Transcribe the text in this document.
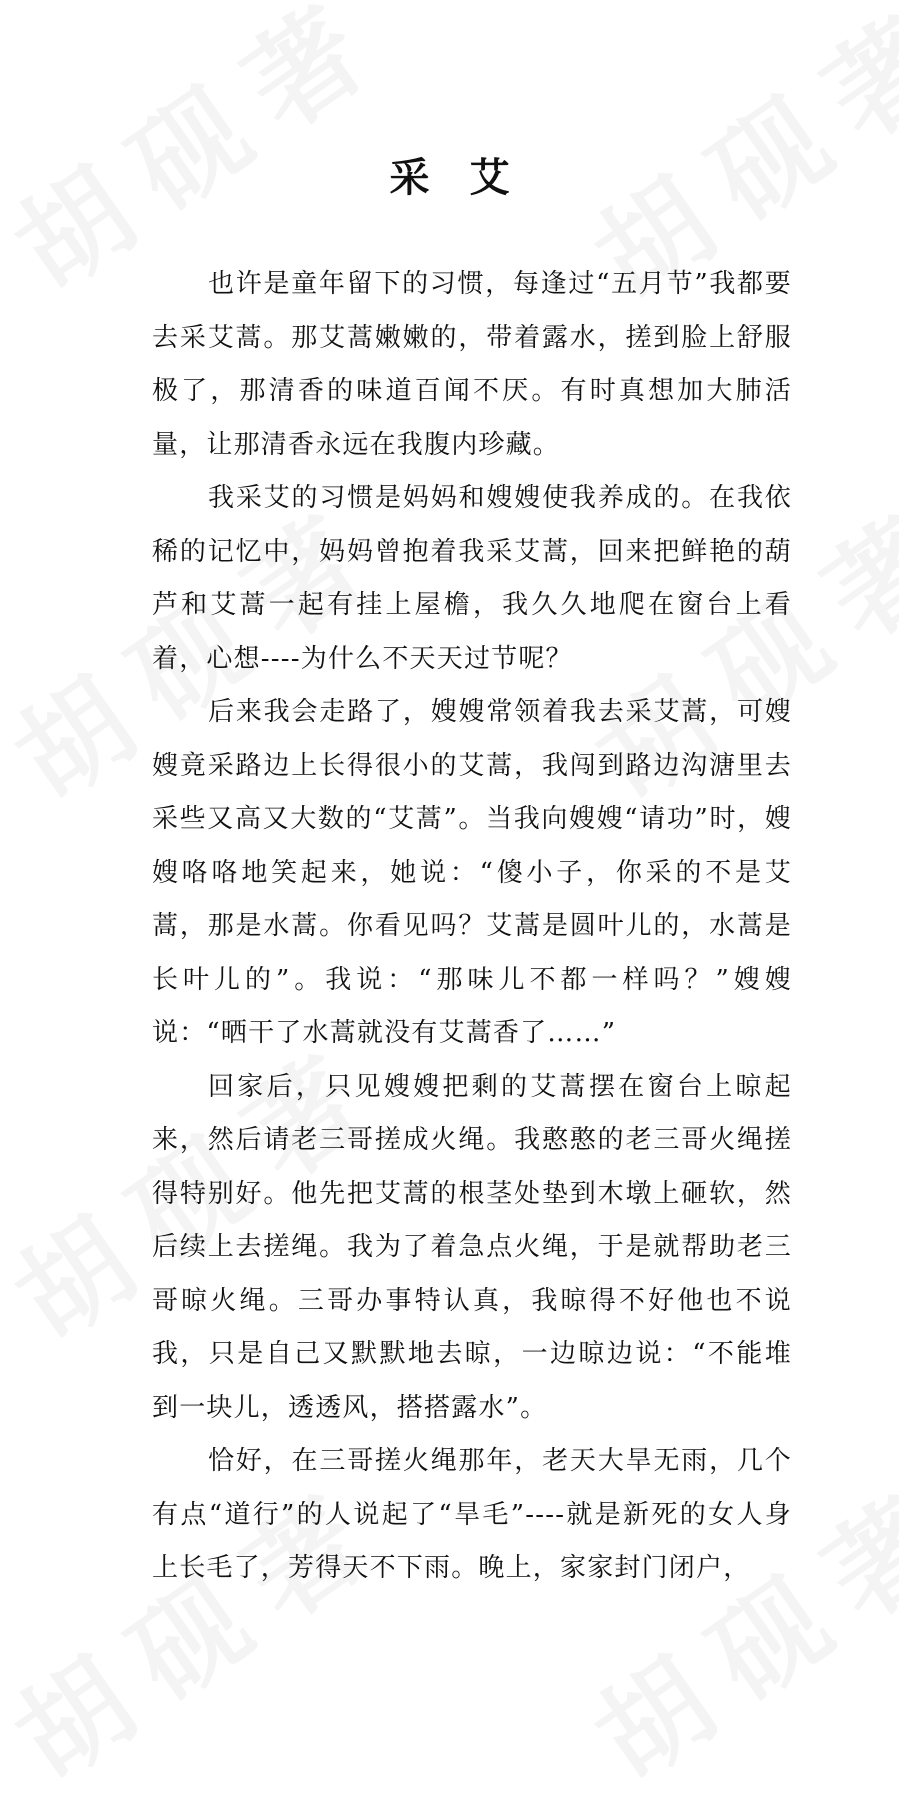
采艾

也许是童年留下的习惯，每逢过“五月节”我都要去采艾蒿。那艾蒿嫩嫩的，带着露水，搓到脸上舒服极了，那清香的味道百闻不厌。有时真想加大肺活量，让那清香永远在我腹内珍藏。

我采艾的习惯是妈妈和嫂嫂使我养成的。在我依稀的记忆中，妈妈曾抱着我采艾蒿，回来把鲜艳的葫芦和艾蒿一起有挂上屋檐，我久久地爬在窗台上看着，心想----为什么不天天过节呢？

后来我会走路了，嫂嫂常领着我去采艾蒿，可嫂嫂竟采路边上长得很小的艾蒿，我闯到路边沟溏里去采些又高又大数的“艾蒿”。当我向嫂嫂“请功”时，嫂嫂咯咯地笑起来，她说：“傻小子，你采的不是艾蒿，那是水蒿。你看见吗？艾蒿是圆叶儿的，水蒿是长叶儿的”。我说：“那味儿不都一样吗？”嫂嫂说：“晒干了水蒿就没有艾蒿香了……”

回家后，只见嫂嫂把剩的艾蒿摆在窗台上晾起来，然后请老三哥搓成火绳。我憨憨的老三哥火绳搓得特别好。他先把艾蒿的根茎处垫到木墩上砸软，然后续上去搓绳。我为了着急点火绳，于是就帮助老三哥晾火绳。三哥办事特认真，我晾得不好他也不说我，只是自己又默默地去晾，一边晾边说：“不能堆到一块儿，透透风，搭搭露水”。

恰好，在三哥搓火绳那年，老天大旱无雨，几个有点“道行”的人说起了“旱毛”----就是新死的女人身上长毛了，芳得天不下雨。晚上，家家封门闭户，
